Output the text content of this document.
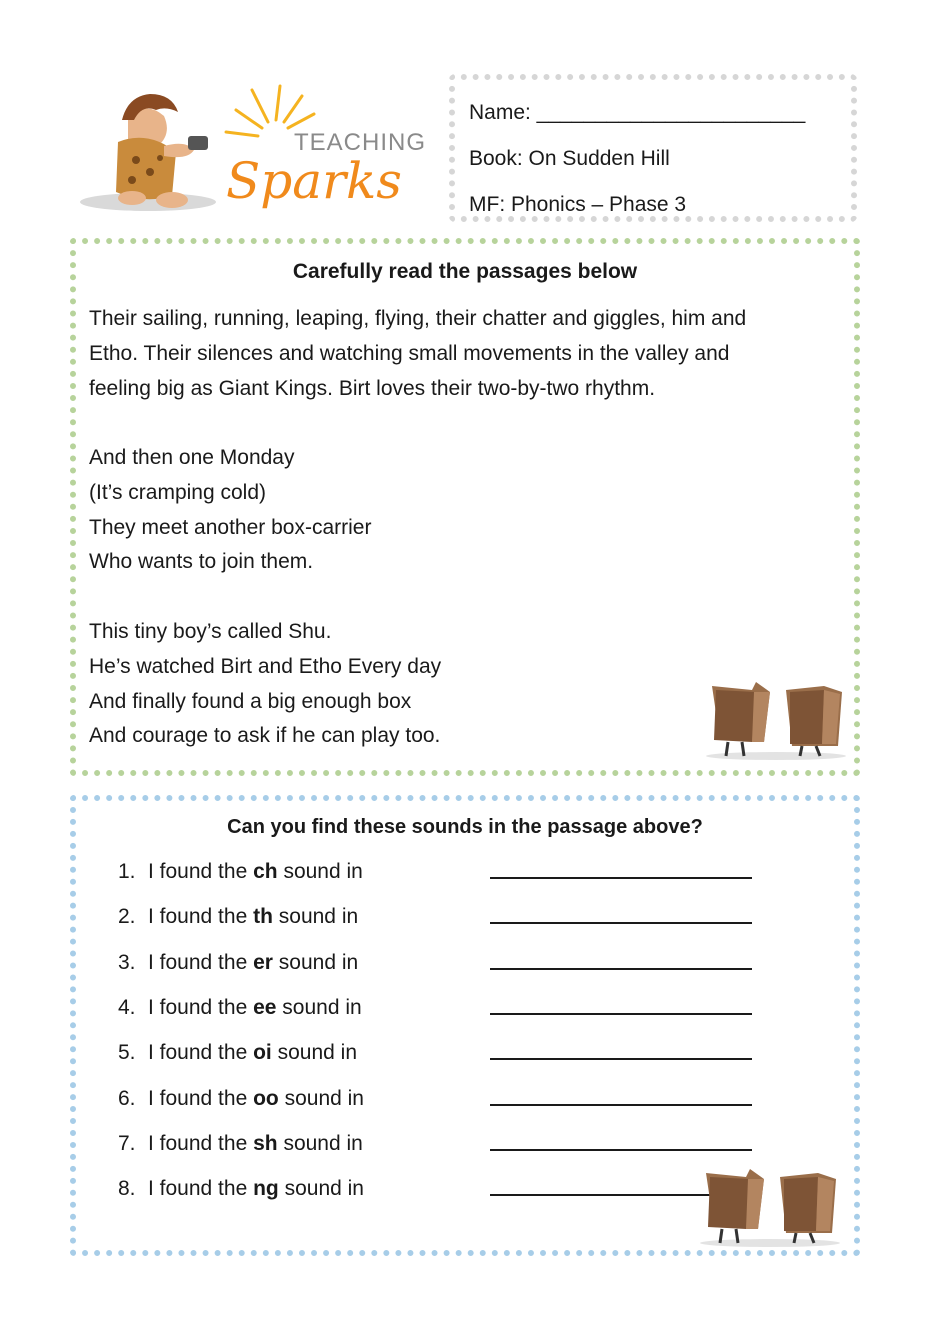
TEACHING
Sparks
Name: _______________________
Book: On Sudden Hill
MF: Phonics – Phase 3
Carefully read the passages below

Their sailing, running, leaping, flying, their chatter and giggles, him and
Etho. Their silences and watching small movements in the valley and
feeling big as Giant Kings. Birt loves their two-by-two rhythm.

And then one Monday
(It’s cramping cold)
They meet another box-carrier
Who wants to join them.

This tiny boy’s called Shu.
He’s watched Birt and Etho Every day
And finally found a big enough box
And courage to ask if he can play too.

Can you find these sounds in the passage above?
1. I found the ch sound in
2. I found the th sound in
3. I found the er sound in
4. I found the ee sound in
5. I found the oi sound in
6. I found the oo sound in
7. I found the sh sound in
8. I found the ng sound in
